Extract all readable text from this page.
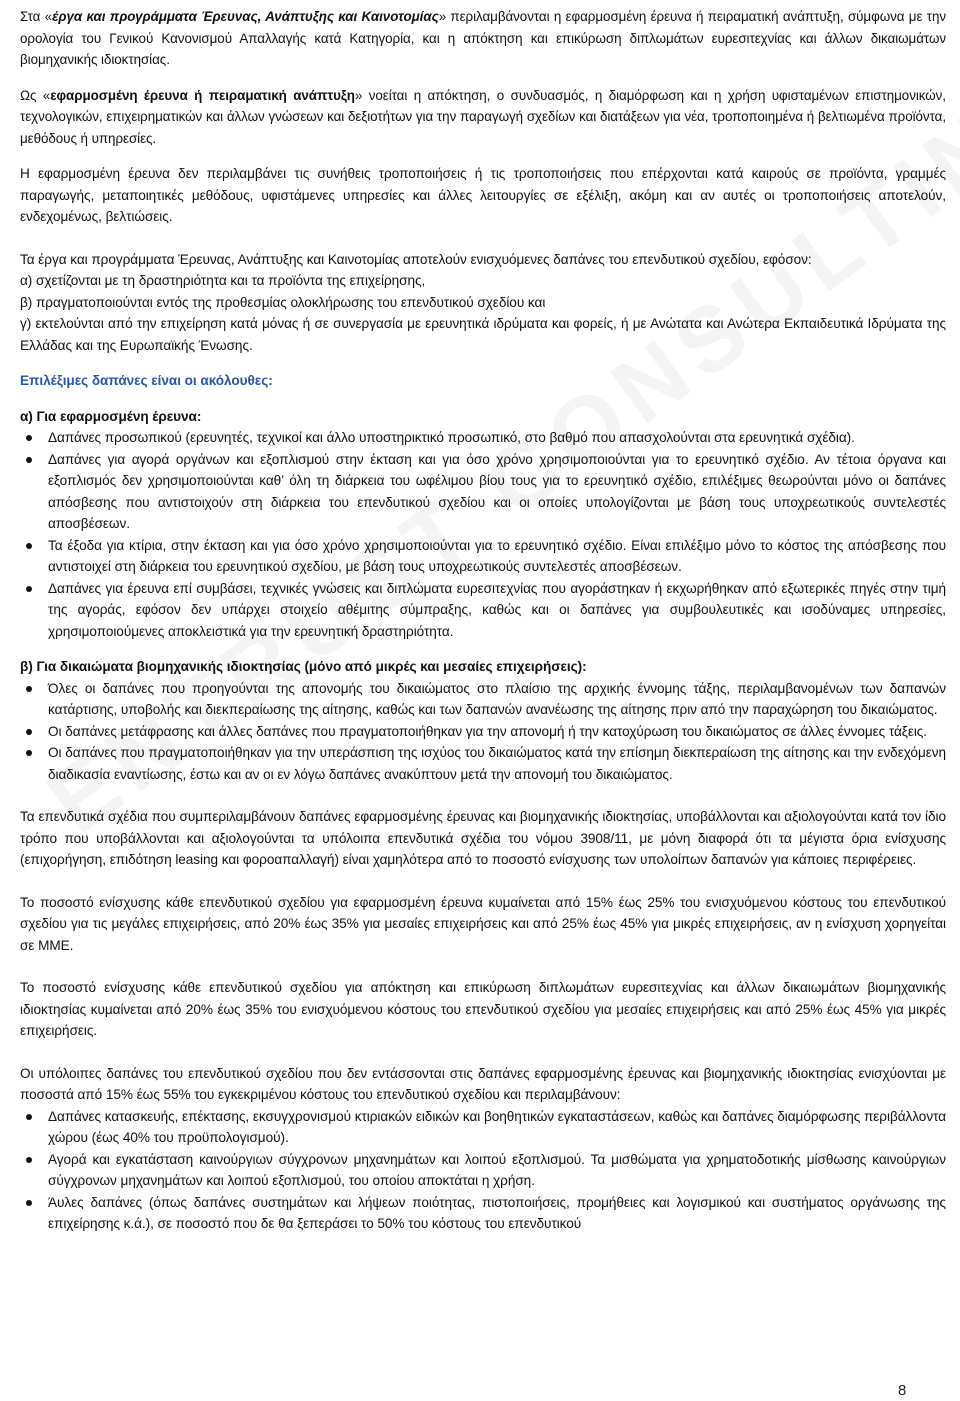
Στα «έργα και προγράμματα Έρευνας, Ανάπτυξης και Καινοτομίας» περιλαμβάνονται η εφαρμοσμένη έρευνα ή πειραματική ανάπτυξη, σύμφωνα με την ορολογία του Γενικού Κανονισμού Απαλλαγής κατά Κατηγορία, και η απόκτηση και επικύρωση διπλωμάτων ευρεσιτεχνίας και άλλων δικαιωμάτων βιομηχανικής ιδιοκτησίας.

Ως «εφαρμοσμένη έρευνα ή πειραματική ανάπτυξη» νοείται η απόκτηση, ο συνδυασμός, η διαμόρφωση και η χρήση υφισταμένων επιστημονικών, τεχνολογικών, επιχειρηματικών και άλλων γνώσεων και δεξιοτήτων για την παραγωγή σχεδίων και διατάξεων για νέα, τροποποιημένα ή βελτιωμένα προϊόντα, μεθόδους ή υπηρεσίες.

Η εφαρμοσμένη έρευνα δεν περιλαμβάνει τις συνήθεις τροποποιήσεις ή τις τροποποιήσεις που επέρχονται κατά καιρούς σε προϊόντα, γραμμές παραγωγής, μεταποιητικές μεθόδους, υφιστάμενες υπηρεσίες και άλλες λειτουργίες σε εξέλιξη, ακόμη και αν αυτές οι τροποποιήσεις αποτελούν, ενδεχομένως, βελτιώσεις.

Τα έργα και προγράμματα Έρευνας, Ανάπτυξης και Καινοτομίας αποτελούν ενισχυόμενες δαπάνες του επενδυτικού σχεδίου, εφόσον:

α) σχετίζονται με τη δραστηριότητα και τα προϊόντα της επιχείρησης,

β) πραγματοποιούνται εντός της προθεσμίας ολοκλήρωσης του επενδυτικού σχεδίου και

γ) εκτελούνται από την επιχείρηση κατά μόνας ή σε συνεργασία με ερευνητικά ιδρύματα και φορείς, ή με Ανώτατα και Ανώτερα Εκπαιδευτικά Ιδρύματα της Ελλάδας και της Ευρωπαϊκής Ένωσης.

Επιλέξιμες δαπάνες είναι οι ακόλουθες:

α) Για εφαρμοσμένη έρευνα:

Δαπάνες προσωπικού (ερευνητές, τεχνικοί και άλλο υποστηρικτικό προσωπικό, στο βαθμό που απασχολούνται στα ερευνητικά σχέδια).
Δαπάνες για αγορά οργάνων και εξοπλισμού στην έκταση και για όσο χρόνο χρησιμοποιούνται για το ερευνητικό σχέδιο. Αν τέτοια όργανα και εξοπλισμός δεν χρησιμοποιούνται καθ’ όλη τη διάρκεια του ωφέλιμου βίου τους για το ερευνητικό σχέδιο, επιλέξιμες θεωρούνται μόνο οι δαπάνες απόσβεσης που αντιστοιχούν στη διάρκεια του επενδυτικού σχεδίου και οι οποίες υπολογίζονται με βάση τους υποχρεωτικούς συντελεστές αποσβέσεων.
Τα έξοδα για κτίρια, στην έκταση και για όσο χρόνο χρησιμοποιούνται για το ερευνητικό σχέδιο. Είναι επιλέξιμο μόνο το κόστος της απόσβεσης που αντιστοιχεί στη διάρκεια του ερευνητικού σχεδίου, με βάση τους υποχρεωτικούς συντελεστές αποσβέσεων.
Δαπάνες για έρευνα επί συμβάσει, τεχνικές γνώσεις και διπλώματα ευρεσιτεχνίας που αγοράστηκαν ή εκχωρήθηκαν από εξωτερικές πηγές στην τιμή της αγοράς, εφόσον δεν υπάρχει στοιχείο αθέμιτης σύμπραξης, καθώς και οι δαπάνες για συμβουλευτικές και ισοδύναμες υπηρεσίες, χρησιμοποιούμενες αποκλειστικά για την ερευνητική δραστηριότητα.

β) Για δικαιώματα βιομηχανικής ιδιοκτησίας (μόνο από μικρές και μεσαίες επιχειρήσεις):

Όλες οι δαπάνες που προηγούνται της απονομής του δικαιώματος στο πλαίσιο της αρχικής έννομης τάξης, περιλαμβανομένων των δαπανών κατάρτισης, υποβολής και διεκπεραίωσης της αίτησης, καθώς και των δαπανών ανανέωσης της αίτησης πριν από την παραχώρηση του δικαιώματος.
Οι δαπάνες μετάφρασης και άλλες δαπάνες που πραγματοποιήθηκαν για την απονομή ή την κατοχύρωση του δικαιώματος σε άλλες έννομες τάξεις.
Οι δαπάνες που πραγματοποιήθηκαν για την υπεράσπιση της ισχύος του δικαιώματος κατά την επίσημη διεκπεραίωση της αίτησης και την ενδεχόμενη διαδικασία εναντίωσης, έστω και αν οι εν λόγω δαπάνες ανακύπτουν μετά την απονομή του δικαιώματος.

Τα επενδυτικά σχέδια που συμπεριλαμβάνουν δαπάνες εφαρμοσμένης έρευνας και βιομηχανικής ιδιοκτησίας, υποβάλλονται και αξιολογούνται κατά τον ίδιο τρόπο που υποβάλλονται και αξιολογούνται τα υπόλοιπα επενδυτικά σχέδια του νόμου 3908/11, με μόνη διαφορά ότι τα μέγιστα όρια ενίσχυσης (επιχορήγηση, επιδότηση leasing και φοροαπαλλαγή) είναι χαμηλότερα από το ποσοστό ενίσχυσης των υπολοίπων δαπανών για κάποιες περιφέρειες.

Το ποσοστό ενίσχυσης κάθε επενδυτικού σχεδίου για εφαρμοσμένη έρευνα κυμαίνεται από 15% έως 25% του ενισχυόμενου κόστους του επενδυτικού σχεδίου για τις μεγάλες επιχειρήσεις, από 20% έως 35% για μεσαίες επιχειρήσεις και από 25% έως 45% για μικρές επιχειρήσεις, αν η ενίσχυση χορηγείται σε ΜΜΕ.

Το ποσοστό ενίσχυσης κάθε επενδυτικού σχεδίου για απόκτηση και επικύρωση διπλωμάτων ευρεσιτεχνίας και άλλων δικαιωμάτων βιομηχανικής ιδιοκτησίας κυμαίνεται από 20% έως 35% του ενισχυόμενου κόστους του επενδυτικού σχεδίου για μεσαίες επιχειρήσεις και από 25% έως 45% για μικρές επιχειρήσεις.

Οι υπόλοιπες δαπάνες του επενδυτικού σχεδίου που δεν εντάσσονται στις δαπάνες εφαρμοσμένης έρευνας και βιομηχανικής ιδιοκτησίας ενισχύονται με ποσοστά από 15% έως 55% του εγκεκριμένου κόστους του επενδυτικού σχεδίου και περιλαμβάνουν:

Δαπάνες κατασκευής, επέκτασης, εκσυγχρονισμού κτιριακών ειδικών και βοηθητικών εγκαταστάσεων, καθώς και δαπάνες διαμόρφωσης περιβάλλοντα χώρου (έως 40% του προϋπολογισμού).
Αγορά και εγκατάσταση καινούργιων σύγχρονων μηχανημάτων και λοιπού εξοπλισμού. Τα μισθώματα για χρηματοδοτικής μίσθωσης καινούργιων σύγχρονων μηχανημάτων και λοιπού εξοπλισμού, του οποίου αποκτάται η χρήση.
Άυλες δαπάνες (όπως δαπάνες συστημάτων και λήψεων ποιότητας, πιστοποιήσεις, προμήθειες και λογισμικού και συστήματος οργάνωσης της επιχείρησης κ.ά.), σε ποσοστό που δε θα ξεπεράσει το 50% του κόστους του επενδυτικού
8
